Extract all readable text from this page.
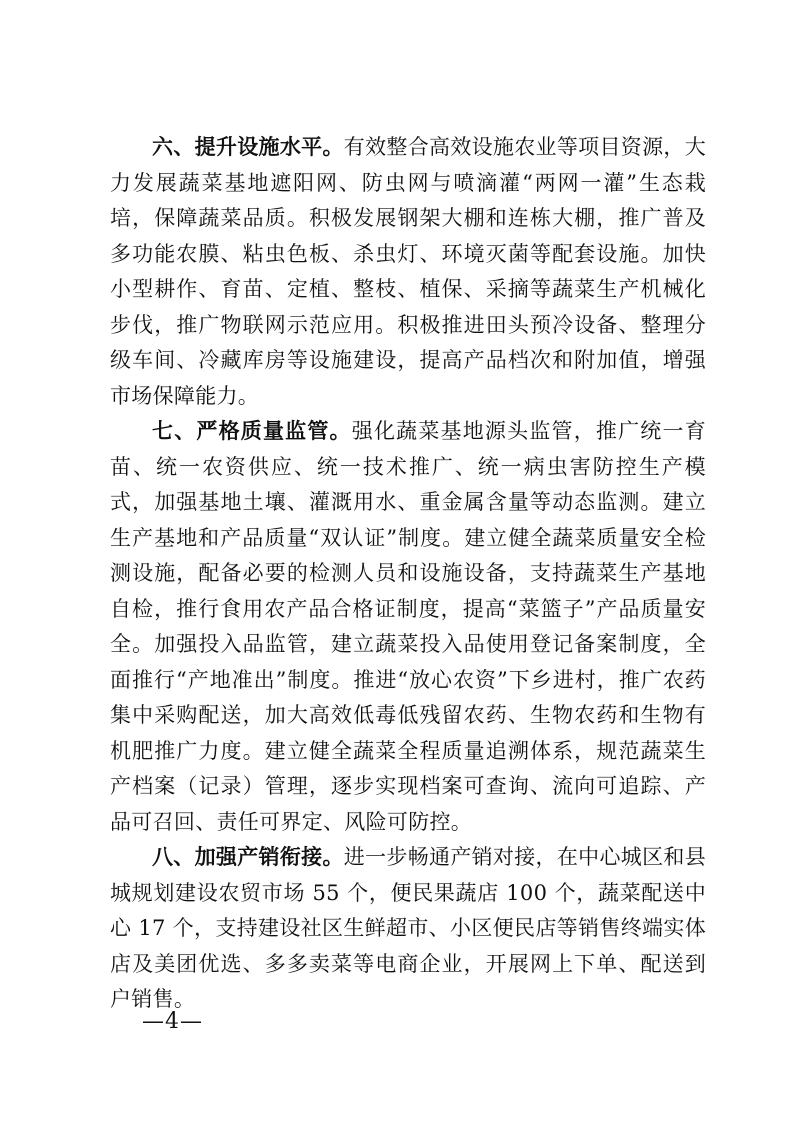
六、提升设施水平。有效整合高效设施农业等项目资源，大力发展蔬菜基地遮阳网、防虫网与喷滴灌“两网一灌”生态栽培，保障蔬菜品质。积极发展钢架大棚和连栋大棚，推广普及多功能农膜、粘虫色板、杀虫灯、环境灭菌等配套设施。加快小型耕作、育苗、定植、整枝、植保、采摘等蔬菜生产机械化步伐，推广物联网示范应用。积极推进田头预冷设备、整理分级车间、冷藏库房等设施建设，提高产品档次和附加值，增强市场保障能力。

七、严格质量监管。强化蔬菜基地源头监管，推广统一育苗、统一农资供应、统一技术推广、统一病虫害防控生产模式，加强基地土壤、灌溉用水、重金属含量等动态监测。建立生产基地和产品质量“双认证”制度。建立健全蔬菜质量安全检测设施，配备必要的检测人员和设施设备，支持蔬菜生产基地自检，推行食用农产品合格证制度，提高“菜篮子”产品质量安全。加强投入品监管，建立蔬菜投入品使用登记备案制度，全面推行“产地准出”制度。推进“放心农资”下乡进村，推广农药集中采购配送，加大高效低毒低残留农药、生物农药和生物有机肥推广力度。建立健全蔬菜全程质量追溯体系，规范蔬菜生产档案（记录）管理，逐步实现档案可查询、流向可追踪、产品可召回、责任可界定、风险可防控。

八、加强产销衔接。进一步畅通产销对接，在中心城区和县城规划建设农贸市场 55 个，便民果蔬店 100 个，蔬菜配送中心 17 个，支持建设社区生鲜超市、小区便民店等销售终端实体店及美团优选、多多卖菜等电商企业，开展网上下单、配送到户销售。

—4—
